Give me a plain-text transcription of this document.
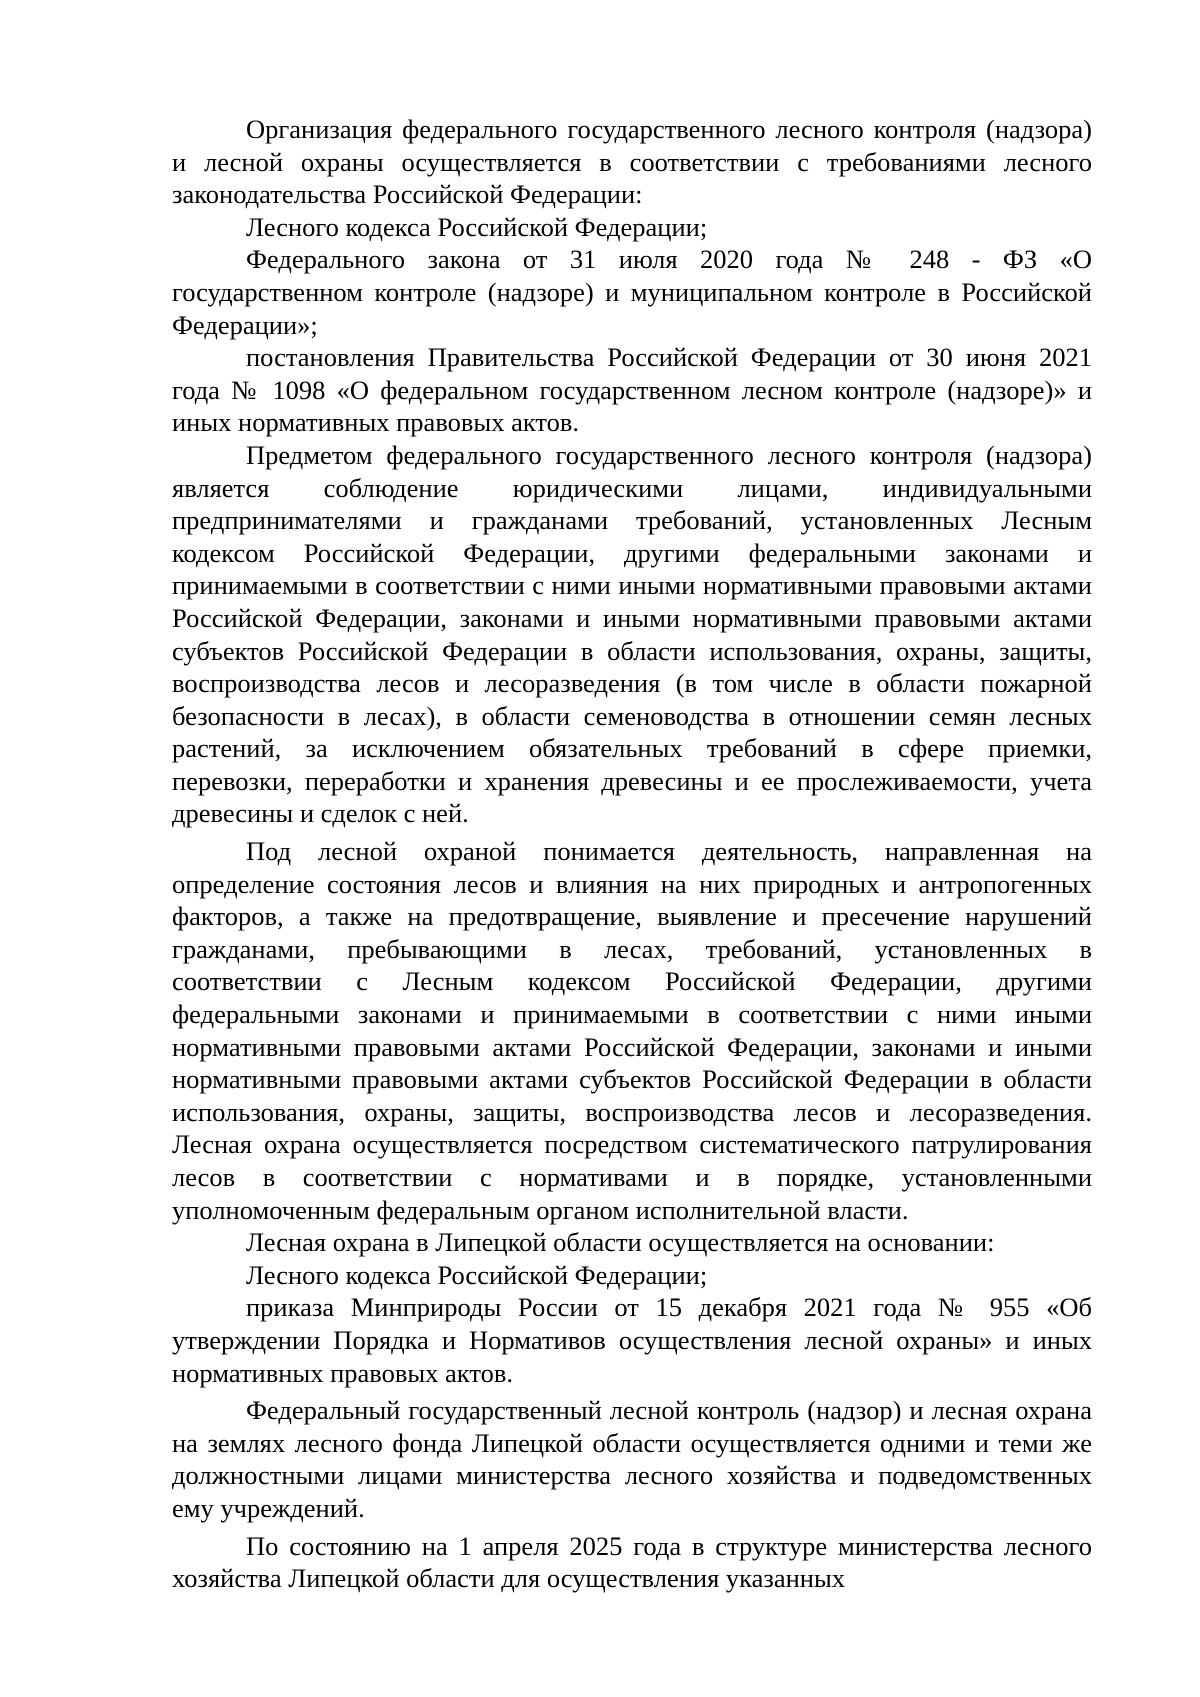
Организация федерального государственного лесного контроля (надзора) и лесной охраны осуществляется в соответствии с требованиями лесного законодательства Российской Федерации:

Лесного кодекса Российской Федерации;

Федерального закона от 31 июля 2020 года № 248 - ФЗ «О государственном контроле (надзоре) и муниципальном контроле в Российской Федерации»;

постановления Правительства Российской Федерации от 30 июня 2021 года № 1098 «О федеральном государственном лесном контроле (надзоре)» и иных нормативных правовых актов.

Предметом федерального государственного лесного контроля (надзора) является соблюдение юридическими лицами, индивидуальными предпринимателями и гражданами требований, установленных Лесным кодексом Российской Федерации, другими федеральными законами и принимаемыми в соответствии с ними иными нормативными правовыми актами Российской Федерации, законами и иными нормативными правовыми актами субъектов Российской Федерации в области использования, охраны, защиты, воспроизводства лесов и лесоразведения (в том числе в области пожарной безопасности в лесах), в области семеноводства в отношении семян лесных растений, за исключением обязательных требований в сфере приемки, перевозки, переработки и хранения древесины и ее прослеживаемости, учета древесины и сделок с ней.

Под лесной охраной понимается деятельность, направленная на определение состояния лесов и влияния на них природных и антропогенных факторов, а также на предотвращение, выявление и пресечение нарушений гражданами, пребывающими в лесах, требований, установленных в соответствии с Лесным кодексом Российской Федерации, другими федеральными законами и принимаемыми в соответствии с ними иными нормативными правовыми актами Российской Федерации, законами и иными нормативными правовыми актами субъектов Российской Федерации в области использования, охраны, защиты, воспроизводства лесов и лесоразведения. Лесная охрана осуществляется посредством систематического патрулирования лесов в соответствии с нормативами и в порядке, установленными уполномоченным федеральным органом исполнительной власти.

Лесная охрана в Липецкой области осуществляется на основании:

Лесного кодекса Российской Федерации;

приказа Минприроды России от 15 декабря 2021 года № 955 «Об утверждении Порядка и Нормативов осуществления лесной охраны» и иных нормативных правовых актов.

Федеральный государственный лесной контроль (надзор) и лесная охрана на землях лесного фонда Липецкой области осуществляется одними и теми же должностными лицами министерства лесного хозяйства и подведомственных ему учреждений.

По состоянию на 1 апреля 2025 года в структуре министерства лесного хозяйства Липецкой области для осуществления указанных
